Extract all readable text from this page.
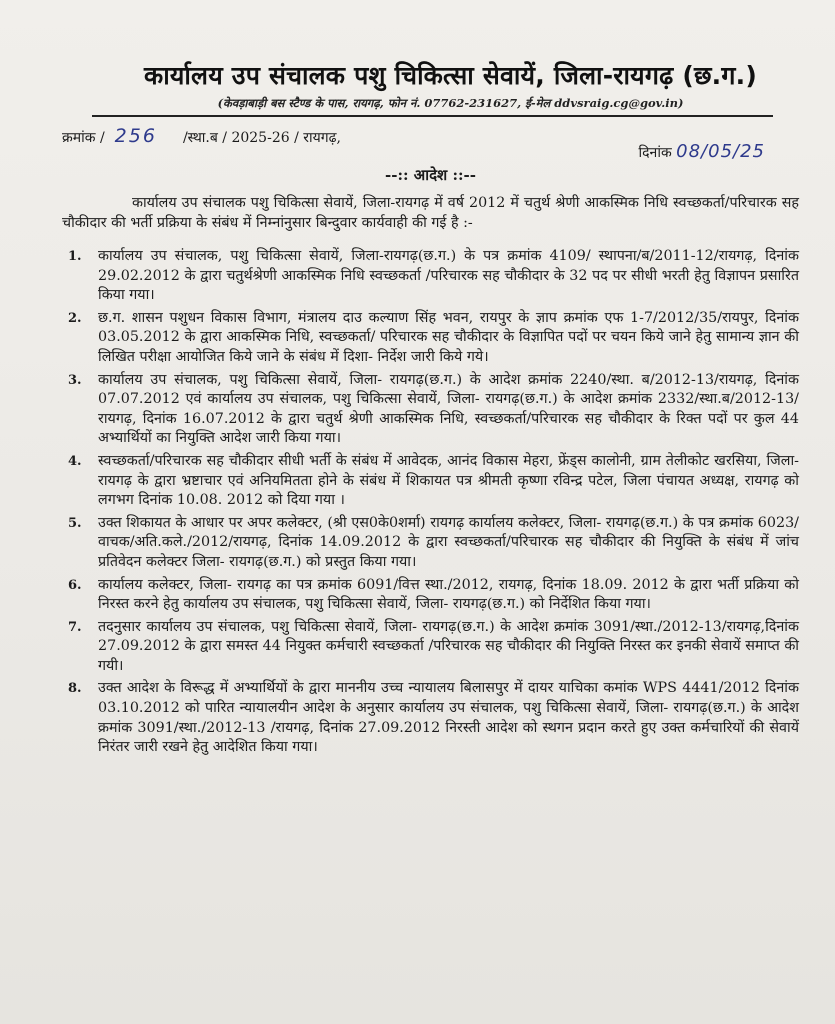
कार्यालय उप संचालक पशु चिकित्सा सेवायें, जिला-रायगढ़ (छ.ग.)
(केवड़ाबाड़ी बस स्टैण्ड के पास, रायगढ़, फोन नं. 07762-231627, ई-मेल ddvsraig.cg@gov.in)
क्रमांक / 256 /स्था.ब / 2025-26 / रायगढ़,
दिनांक 08/05/25
--:: आदेश ::--

कार्यालय उप संचालक पशु चिकित्सा सेवायें, जिला-रायगढ़ में वर्ष 2012 में चतुर्थ श्रेणी आकस्मिक निधि स्वच्छकर्ता/परिचारक सह चौकीदार की भर्ती प्रक्रिया के संबंध में निम्नांनुसार बिन्दुवार कार्यवाही की गई है :-

1. कार्यालय उप संचालक, पशु चिकित्सा सेवायें, जिला-रायगढ़(छ.ग.) के पत्र क्रमांक 4109/ स्थापना/ब/2011-12/रायगढ़, दिनांक 29.02.2012 के द्वारा चतुर्थश्रेणी आकस्मिक निधि स्वच्छकर्ता /परिचारक सह चौकीदार के 32 पद पर सीधी भरती हेतु विज्ञापन प्रसारित किया गया।
2. छ.ग. शासन पशुधन विकास विभाग, मंत्रालय दाउ कल्याण सिंह भवन, रायपुर के ज्ञाप क्रमांक एफ 1-7/2012/35/रायपुर, दिनांक 03.05.2012 के द्वारा आकस्मिक निधि, स्वच्छकर्ता/ परिचारक सह चौकीदार के विज्ञापित पदों पर चयन किये जाने हेतु सामान्य ज्ञान की लिखित परीक्षा आयोजित किये जाने के संबंध में दिशा- निर्देश जारी किये गये।
3. कार्यालय उप संचालक, पशु चिकित्सा सेवायें, जिला- रायगढ़(छ.ग.) के आदेश क्रमांक 2240/स्था. ब/2012-13/रायगढ़, दिनांक 07.07.2012 एवं कार्यालय उप संचालक, पशु चिकित्सा सेवायें, जिला- रायगढ़(छ.ग.) के आदेश क्रमांक 2332/स्था.ब/2012-13/रायगढ़, दिनांक 16.07.2012 के द्वारा चतुर्थ श्रेणी आकस्मिक निधि, स्वच्छकर्ता/परिचारक सह चौकीदार के रिक्त पदों पर कुल 44 अभ्यार्थियों का नियुक्ति आदेश जारी किया गया।
4. स्वच्छकर्ता/परिचारक सह चौकीदार सीधी भर्ती के संबंध में आवेदक, आनंद विकास मेहरा, फ्रेंड्स कालोनी, ग्राम तेलीकोट खरसिया, जिला- रायगढ़ के द्वारा भ्रष्टाचार एवं अनियमितता होने के संबंध में शिकायत पत्र श्रीमती कृष्णा रविन्द्र पटेल, जिला पंचायत अध्यक्ष, रायगढ़ को लगभग दिनांक 10.08. 2012 को दिया गया ।
5. उक्त शिकायत के आधार पर अपर कलेक्टर, (श्री एस0के0शर्मा) रायगढ़ कार्यालय कलेक्टर, जिला- रायगढ़(छ.ग.) के पत्र क्रमांक 6023/वाचक/अति.कले./2012/रायगढ़, दिनांक 14.09.2012 के द्वारा स्वच्छकर्ता/परिचारक सह चौकीदार की नियुक्ति के संबंध में जांच प्रतिवेदन कलेक्टर जिला- रायगढ़(छ.ग.) को प्रस्तुत किया गया।
6. कार्यालय कलेक्टर, जिला- रायगढ़ का पत्र क्रमांक 6091/वित्त स्था./2012, रायगढ़, दिनांक 18.09. 2012 के द्वारा भर्ती प्रक्रिया को निरस्त करने हेतु कार्यालय उप संचालक, पशु चिकित्सा सेवायें, जिला- रायगढ़(छ.ग.) को निर्देशित किया गया।
7. तदनुसार कार्यालय उप संचालक, पशु चिकित्सा सेवायें, जिला- रायगढ़(छ.ग.) के आदेश क्रमांक 3091/स्था./2012-13/रायगढ़,दिनांक 27.09.2012 के द्वारा समस्त 44 नियुक्त कर्मचारी स्वच्छकर्ता /परिचारक सह चौकीदार की नियुक्ति निरस्त कर इनकी सेवायें समाप्त की गयी।
8. उक्त आदेश के विरूद्ध में अभ्यार्थियों के द्वारा माननीय उच्च न्यायालय बिलासपुर में दायर याचिका कमांक WPS 4441/2012 दिनांक 03.10.2012 को पारित न्यायालयीन आदेश के अनुसार कार्यालय उप संचालक, पशु चिकित्सा सेवायें, जिला- रायगढ़(छ.ग.) के आदेश क्रमांक 3091/स्था./2012-13 /रायगढ़, दिनांक 27.09.2012 निरस्ती आदेश को स्थगन प्रदान करते हुए उक्त कर्मचारियों की सेवायें निरंतर जारी रखने हेतु आदेशित किया गया।
